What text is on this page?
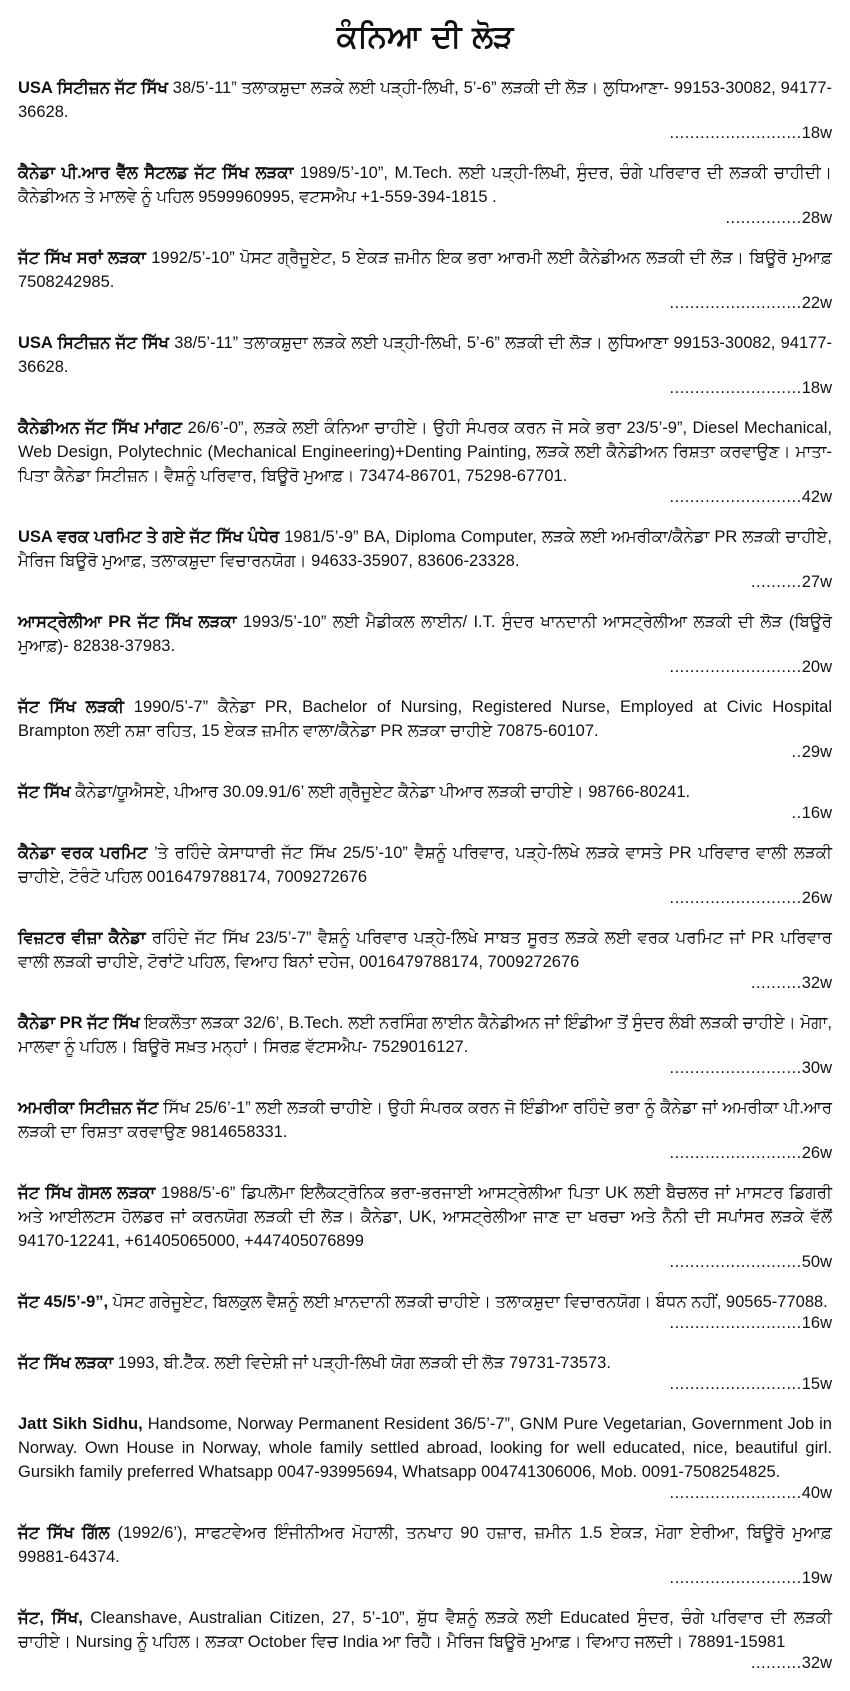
ਕੰਨਿਆ ਦੀ ਲੋੜ
USA ਸਿਟੀਜ਼ਨ ਜੱਟ ਸਿੱਖ 38/5’-11” ਤਲਾਕਸ਼ੁਦਾ ਲੜਕੇ ਲਈ ਪੜ੍ਹੀ-ਲਿਖੀ, 5’-6” ਲੜਕੀ ਦੀ ਲੋੜ। ਲੁਧਿਆਣਾ- 99153-30082, 94177-36628.
.......................... 18w
ਕੈਨੇਡਾ ਪੀ.ਆਰ ਵੈੱਲ ਸੈਟਲਡ ਜੱਟ ਸਿੱਖ ਲੜਕਾ 1989/5’-10”, M.Tech. ਲਈ ਪੜ੍ਹੀ-ਲਿਖੀ, ਸੁੰਦਰ, ਚੰਗੇ ਪਰਿਵਾਰ ਦੀ ਲੜਕੀ ਚਾਹੀਦੀ। ਕੈਨੇਡੀਅਨ ਤੇ ਮਾਲਵੇ ਨੂੰ ਪਹਿਲ 9599960995, ਵਟਸਐਪ +1-559-394-1815 .
............... 28w
ਜੱਟ ਸਿੱਖ ਸਰਾਂ ਲੜਕਾ 1992/5’-10” ਪੋਸਟ ਗ੍ਰੈਜੂਏਟ, 5 ਏਕੜ ਜ਼ਮੀਨ ਇਕ ਭਰਾ ਆਰਮੀ ਲਈ ਕੈਨੇਡੀਅਨ ਲੜਕੀ ਦੀ ਲੋੜ। ਬਿਊਰੋ ਮੁਆਫ਼ 7508242985.
.......................... 22w
USA ਸਿਟੀਜ਼ਨ ਜੱਟ ਸਿੱਖ 38/5’-11” ਤਲਾਕਸ਼ੁਦਾ ਲੜਕੇ ਲਈ ਪੜ੍ਹੀ-ਲਿਖੀ, 5’-6” ਲੜਕੀ ਦੀ ਲੋੜ। ਲੁਧਿਆਣਾ 99153-30082, 94177-36628.
.......................... 18w
ਕੈਨੇਡੀਅਨ ਜੱਟ ਸਿੱਖ ਮਾਂਗਟ 26/6’-0”, ਲੜਕੇ ਲਈ ਕੰਨਿਆ ਚਾਹੀਏ। ਉਹੀ ਸੰਪਰਕ ਕਰਨ ਜੋ ਸਕੇ ਭਰਾ 23/5’-9”, Diesel Mechanical, Web Design, Polytechnic (Mechanical Engineering)+Denting Painting, ਲੜਕੇ ਲਈ ਕੈਨੇਡੀਅਨ ਰਿਸ਼ਤਾ ਕਰਵਾਉਣ। ਮਾਤਾ-ਪਿਤਾ ਕੈਨੇਡਾ ਸਿਟੀਜ਼ਨ। ਵੈਸ਼ਨੂੰ ਪਰਿਵਾਰ, ਬਿਊਰੋ ਮੁਆਫ਼। 73474-86701, 75298-67701.
.......................... 42w
USA ਵਰਕ ਪਰਮਿਟ ਤੇ ਗਏ ਜੱਟ ਸਿੱਖ ਪੰਧੇਰ 1981/5’-9” BA, Diploma Computer, ਲੜਕੇ ਲਈ ਅਮਰੀਕਾ/ਕੈਨੇਡਾ PR ਲੜਕੀ ਚਾਹੀਏ, ਮੈਰਿਜ ਬਿਊਰੋ ਮੁਆਫ਼, ਤਲਾਕਸ਼ੁਦਾ ਵਿਚਾਰਨਯੋਗ। 94633-35907, 83606-23328.
.......... 27w
ਆਸਟ੍ਰੇਲੀਆ PR ਜੱਟ ਸਿੱਖ ਲੜਕਾ 1993/5’-10” ਲਈ ਮੈਡੀਕਲ ਲਾਈਨ/ I.T. ਸੁੰਦਰ ਖਾਨਦਾਨੀ ਆਸਟ੍ਰੇਲੀਆ ਲੜਕੀ ਦੀ ਲੋੜ (ਬਿਊਰੋ ਮੁਆਫ਼)- 82838-37983.
.......................... 20w
ਜੱਟ ਸਿੱਖ ਲੜਕੀ 1990/5’-7” ਕੈਨੇਡਾ PR, Bachelor of Nursing, Registered Nurse, Employed at Civic Hospital Brampton ਲਈ ਨਸ਼ਾ ਰਹਿਤ, 15 ਏਕੜ ਜ਼ਮੀਨ ਵਾਲਾ/ਕੈਨੇਡਾ PR ਲੜਕਾ ਚਾਹੀਏ 70875-60107.
.. 29w
ਜੱਟ ਸਿੱਖ ਕੈਨੇਡਾ/ਯੂਐਸਏ, ਪੀਆਰ 30.09.91/6’ ਲਈ ਗ੍ਰੈਜੂਏਟ ਕੈਨੇਡਾ ਪੀਆਰ ਲੜਕੀ ਚਾਹੀਏ। 98766-80241.
.. 16w
ਕੈਨੇਡਾ ਵਰਕ ਪਰਮਿਟ ’ਤੇ ਰਹਿੰਦੇ ਕੇਸਾਧਾਰੀ ਜੱਟ ਸਿੱਖ 25/5’-10” ਵੈਸ਼ਨੂੰ ਪਰਿਵਾਰ, ਪੜ੍ਹੇ-ਲਿਖੇ ਲੜਕੇ ਵਾਸਤੇ PR ਪਰਿਵਾਰ ਵਾਲੀ ਲੜਕੀ ਚਾਹੀਏ, ਟੋਰੰਟੋ ਪਹਿਲ 0016479788174, 7009272676
.......................... 26w
ਵਿਜ਼ਟਰ ਵੀਜ਼ਾ ਕੈਨੇਡਾ ਰਹਿੰਦੇ ਜੱਟ ਸਿੱਖ 23/5’-7” ਵੈਸ਼ਨੂੰ ਪਰਿਵਾਰ ਪੜ੍ਹੇ-ਲਿਖੇ ਸਾਬਤ ਸੂਰਤ ਲੜਕੇ ਲਈ ਵਰਕ ਪਰਮਿਟ ਜਾਂ PR ਪਰਿਵਾਰ ਵਾਲੀ ਲੜਕੀ ਚਾਹੀਏ, ਟੋਰਾਂਟੋ ਪਹਿਲ, ਵਿਆਹ ਬਿਨਾਂ ਦਹੇਜ, 0016479788174, 7009272676
.......... 32w
ਕੈਨੇਡਾ PR ਜੱਟ ਸਿੱਖ ਇਕਲੌਤਾ ਲੜਕਾ 32/6’, B.Tech. ਲਈ ਨਰਸਿੰਗ ਲਾਈਨ ਕੈਨੇਡੀਅਨ ਜਾਂ ਇੰਡੀਆ ਤੋਂ ਸੁੰਦਰ ਲੰਬੀ ਲੜਕੀ ਚਾਹੀਏ। ਮੋਗਾ, ਮਾਲਵਾ ਨੂੰ ਪਹਿਲ। ਬਿਊਰੋ ਸਖ਼ਤ ਮਨ੍ਹਾਂ। ਸਿਰਫ਼ ਵੱਟਸਐਪ- 7529016127.
.......................... 30w
ਅਮਰੀਕਾ ਸਿਟੀਜ਼ਨ ਜੱਟ ਸਿੱਖ 25/6’-1” ਲਈ ਲੜਕੀ ਚਾਹੀਏ। ਉਹੀ ਸੰਪਰਕ ਕਰਨ ਜੋ ਇੰਡੀਆ ਰਹਿੰਦੇ ਭਰਾ ਨੂੰ ਕੈਨੇਡਾ ਜਾਂ ਅਮਰੀਕਾ ਪੀ.ਆਰ ਲੜਕੀ ਦਾ ਰਿਸ਼ਤਾ ਕਰਵਾਉਣ 9814658331.
.......................... 26w
ਜੱਟ ਸਿੱਖ ਗੋਸਲ ਲੜਕਾ 1988/5’-6” ਡਿਪਲੋਮਾ ਇਲੈਕਟ੍ਰੋਨਿਕ ਭਰਾ-ਭਰਜਾਈ ਆਸਟ੍ਰੇਲੀਆ ਪਿਤਾ UK ਲਈ ਬੈਚਲਰ ਜਾਂ ਮਾਸਟਰ ਡਿਗਰੀ ਅਤੇ ਆਈਲਟਸ ਹੋਲਡਰ ਜਾਂ ਕਰਨਯੋਗ ਲੜਕੀ ਦੀ ਲੋੜ। ਕੈਨੇਡਾ, UK, ਆਸਟ੍ਰੇਲੀਆ ਜਾਣ ਦਾ ਖਰਚਾ ਅਤੇ ਨੈਨੀ ਦੀ ਸਪਾਂਸਰ ਲੜਕੇ ਵੱਲੋਂ 94170-12241, +61405065000, +447405076899
.......................... 50w
ਜੱਟ 45/5’-9”, ਪੋਸਟ ਗਰੇਜੂਏਟ, ਬਿਲਕੁਲ ਵੈਸ਼ਨੂੰ ਲਈ ਖ਼ਾਨਦਾਨੀ ਲੜਕੀ ਚਾਹੀਏ। ਤਲਾਕਸ਼ੁਦਾ ਵਿਚਾਰਨਯੋਗ। ਬੰਧਨ ਨਹੀਂ, 90565-77088.
.......................... 16w
ਜੱਟ ਸਿੱਖ ਲੜਕਾ 1993, ਬੀ.ਟੈੱਕ. ਲਈ ਵਿਦੇਸ਼ੀ ਜਾਂ ਪੜ੍ਹੀ-ਲਿਖੀ ਯੋਗ ਲੜਕੀ ਦੀ ਲੋੜ 79731-73573.
.......................... 15w
Jatt Sikh Sidhu, Handsome, Norway Permanent Resident 36/5’-7”, GNM Pure Vegetarian, Government Job in Norway. Own House in Norway, whole family settled abroad, looking for well educated, nice, beautiful girl. Gursikh family preferred Whatsapp 0047-93995694, Whatsapp 004741306006, Mob. 0091-7508254825.
.......................... 40w
ਜੱਟ ਸਿੱਖ ਗਿੱਲ (1992/6’), ਸਾਫਟਵੇਅਰ ਇੰਜੀਨੀਅਰ ਮੋਹਾਲੀ, ਤਨਖਾਹ 90 ਹਜ਼ਾਰ, ਜ਼ਮੀਨ 1.5 ਏਕੜ, ਮੋਗਾ ਏਰੀਆ, ਬਿਊਰੋ ਮੁਆਫ਼ 99881-64374.
.......................... 19w
ਜੱਟ, ਸਿੱਖ, Cleanshave, Australian Citizen, 27, 5’-10”, ਸ਼ੁੱਧ ਵੈਸ਼ਨੂੰ ਲੜਕੇ ਲਈ Educated ਸੁੰਦਰ, ਚੰਗੇ ਪਰਿਵਾਰ ਦੀ ਲੜਕੀ ਚਾਹੀਏ। Nursing ਨੂੰ ਪਹਿਲ। ਲੜਕਾ October ਵਿਚ India ਆ ਰਿਹੈ। ਮੈਰਿਜ ਬਿਊਰੋ ਮੁਆਫ਼। ਵਿਆਹ ਜਲਦੀ। 78891-15981
.......... 32w
